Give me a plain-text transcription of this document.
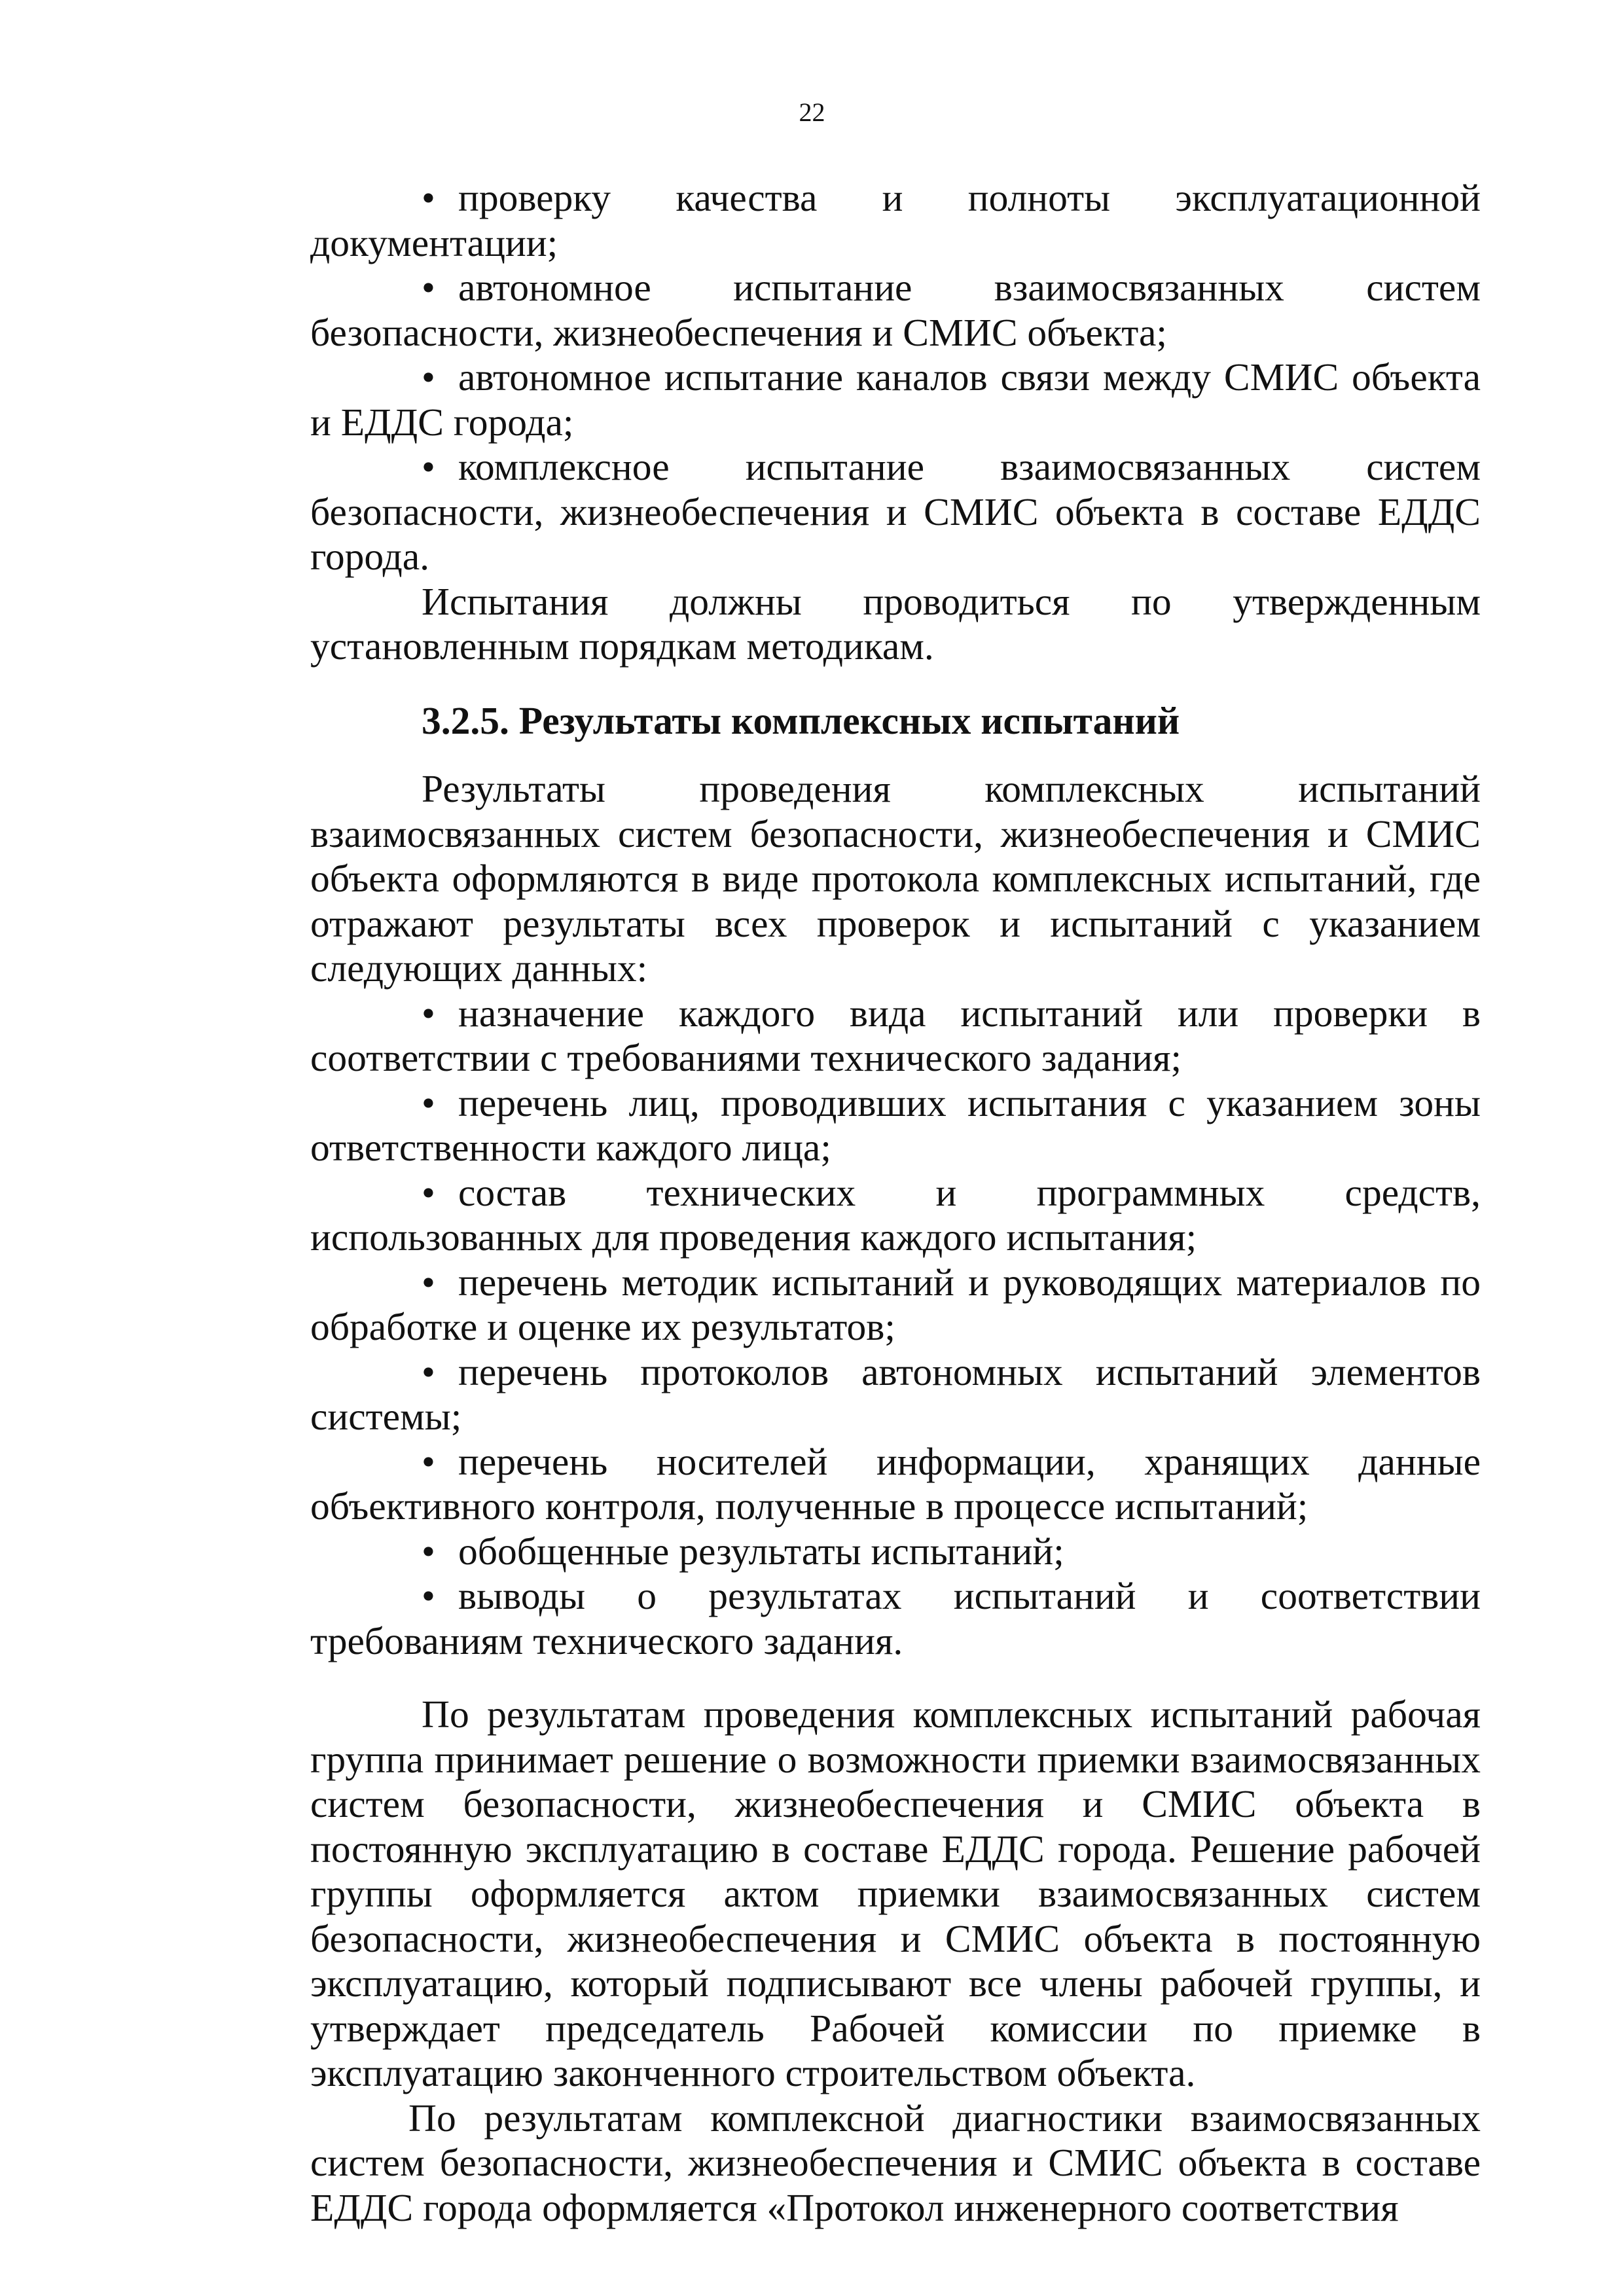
22

• проверку качества и полноты эксплуатационной документации;

• автономное испытание взаимосвязанных систем безопасности, жизнеобеспечения и СМИС объекта;

• автономное испытание каналов связи между СМИС объекта и ЕДДС города;

• комплексное испытание взаимосвязанных систем безопасности, жизнеобеспечения и СМИС объекта в составе ЕДДС города.

Испытания должны проводиться по утвержденным установленным порядкам методикам.

3.2.5. Результаты комплексных испытаний

Результаты проведения комплексных испытаний взаимосвязанных систем безопасности, жизнеобеспечения и СМИС объекта оформляются в виде протокола комплексных испытаний, где отражают результаты всех проверок и испытаний с указанием следующих данных:

• назначение каждого вида испытаний или проверки в соответствии с требованиями технического задания;

• перечень лиц, проводивших испытания с указанием зоны ответственности каждого лица;

• состав технических и программных средств, использованных для проведения каждого испытания;

• перечень методик испытаний и руководящих материалов по обработке и оценке их результатов;

• перечень протоколов автономных испытаний элементов системы;

• перечень носителей информации, хранящих данные объективного контроля, полученные в процессе испытаний;

• обобщенные результаты испытаний;

• выводы о результатах испытаний и соответствии требованиям технического задания.

По результатам проведения комплексных испытаний рабочая группа принимает решение о возможности приемки взаимосвязанных систем безопасности, жизнеобеспечения и СМИС объекта в постоянную эксплуатацию в составе ЕДДС города. Решение рабочей группы оформляется актом приемки взаимосвязанных систем безопасности, жизнеобеспечения и СМИС объекта в постоянную эксплуатацию, который подписывают все члены рабочей группы, и утверждает председатель Рабочей комиссии по приемке в эксплуатацию законченного строительством объекта.

По результатам комплексной диагностики взаимосвязанных систем безопасности, жизнеобеспечения и СМИС объекта в составе ЕДДС города оформляется «Протокол инженерного соответствия
